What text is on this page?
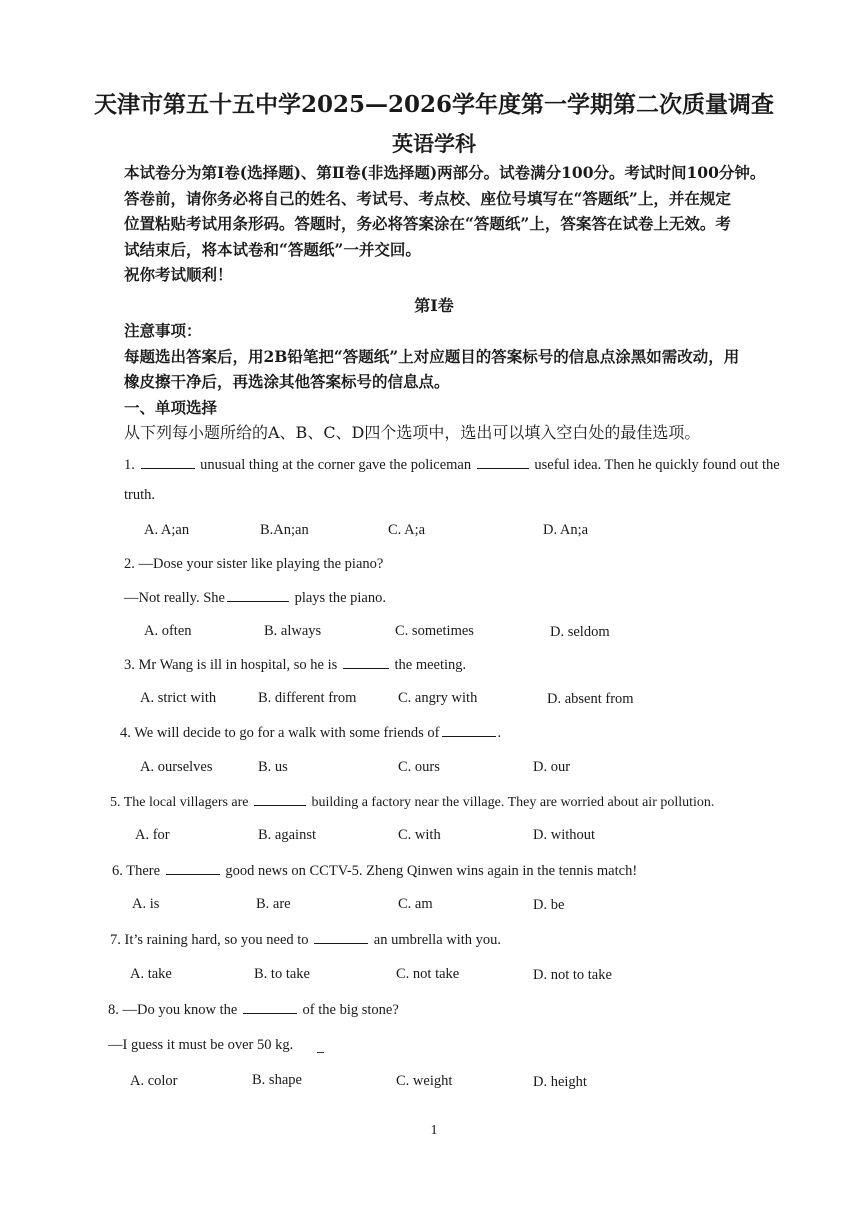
天津市第五十五中学2025—2026学年度第一学期第二次质量调查
英语学科

本试卷分为第Ⅰ卷(选择题)、第Ⅱ卷(非选择题)两部分。试卷满分100分。考试时间100分钟。

答卷前，请你务必将自己的姓名、考试号、考点校、座位号填写在“答题纸”上，并在规定

位置粘贴考试用条形码。答题时，务必将答案涂在“答题纸”上，答案答在试卷上无效。考

试结束后，将本试卷和“答题纸”一并交回。

祝你考试顺利！

第Ⅰ卷

注意事项：

每题选出答案后，用2B铅笔把“答题纸”上对应题目的答案标号的信息点涂黑如需改动，用

橡皮擦干净后，再选涂其他答案标号的信息点。

一、单项选择

从下列每小题所给的A、B、C、D四个选项中，选出可以填入空白处的最佳选项。
1.	unusual thing at the corner gave the policeman	useful idea. Then he quickly found out the
truth.
A. A;an	B.An;an	C. A;a	D. An;a
2. —Dose your sister like playing the piano?
—Not really. She	plays the piano.
A. often	B. always	C. sometimes	D. seldom
3. Mr Wang is ill in hospital, so he is	the meeting.
A. strict with	B. different from	C. angry with	D. absent from
4. We will decide to go for a walk with some friends of	.
A. ourselves	B. us	C. ours	D. our
5. The local villagers are	building a factory near the village. They are worried about air pollution.
A. for	B. against	C. with	D. without
6. There	good news on CCTV-5. Zheng Qinwen wins again in the tennis match!
A. is	B. are	C. am	D. be
7. It’s raining hard, so you need to	an umbrella with you.
A. take	B. to take	C. not take	D. not to take
8. —Do you know the	of the big stone?
—I guess it must be over 50 kg.
A. color	B. shape	C. weight	D. height
1
